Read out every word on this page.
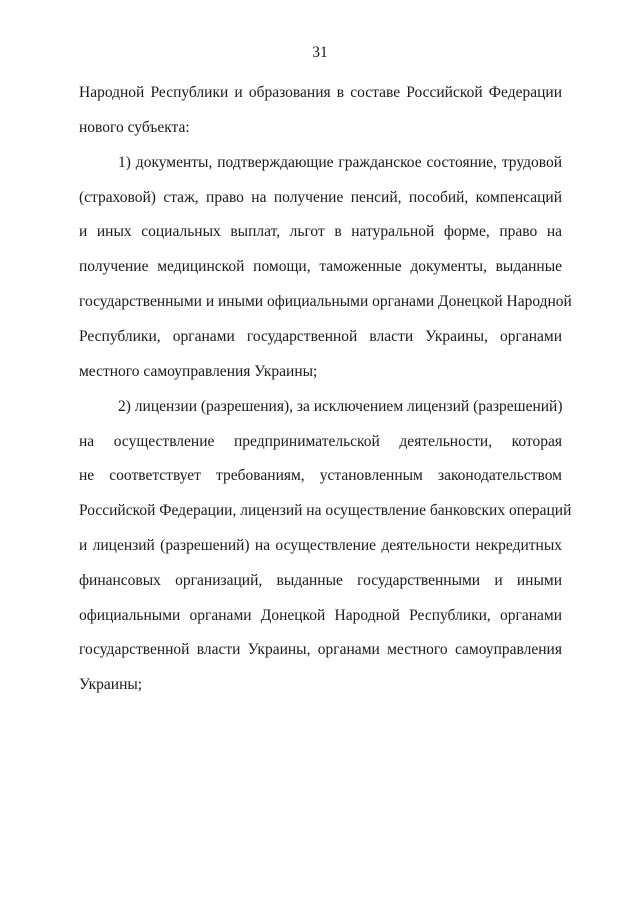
31
Народной Республики и образования в составе Российской Федерации
нового субъекта:
1) документы, подтверждающие гражданское состояние, трудовой
(страховой) стаж, право на получение пенсий, пособий, компенсаций
и иных социальных выплат, льгот в натуральной форме, право на
получение медицинской помощи, таможенные документы, выданные
государственными и иными официальными органами Донецкой Народной
Республики, органами государственной власти Украины, органами
местного самоуправления Украины;
2) лицензии (разрешения), за исключением лицензий (разрешений)
на осуществление предпринимательской деятельности, которая
не соответствует требованиям, установленным законодательством
Российской Федерации, лицензий на осуществление банковских операций
и лицензий (разрешений) на осуществление деятельности некредитных
финансовых организаций, выданные государственными и иными
официальными органами Донецкой Народной Республики, органами
государственной власти Украины, органами местного самоуправления
Украины;
